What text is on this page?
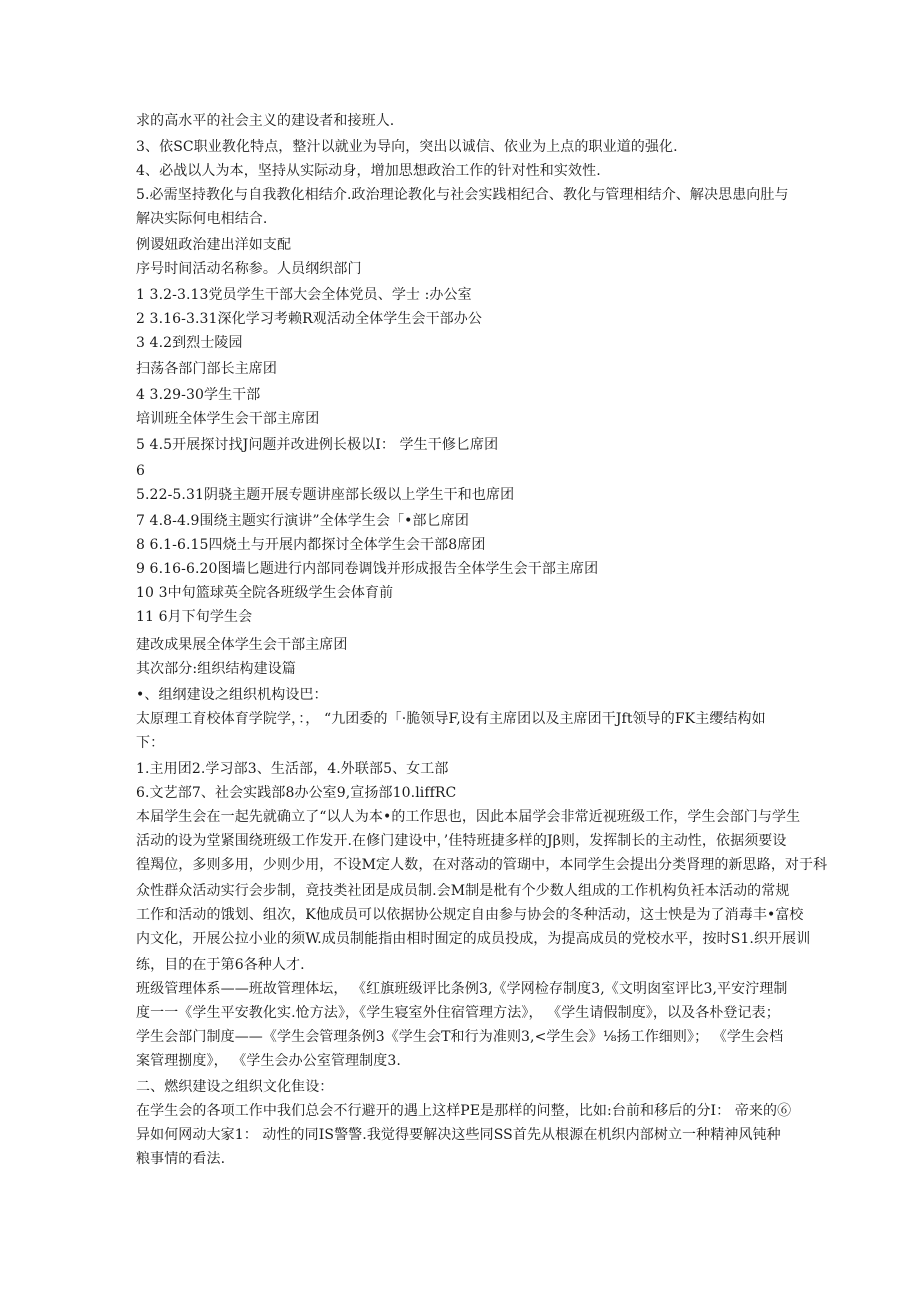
求的高水平的社会主义的建设者和接班人.
3、依SC职业教化特点，整汁以就业为导向，突出以诚信、依业为上点的职业道的强化.
4、必战以人为本，坚持从实际动身，增加思想政治工作的针对性和实效性.
5.必需坚持教化与自我教化相结介.政治理论教化与社会实践相纪合、教化与管理相结介、解决思患向肚与
解决实际何电相结合.
例谡妞政治建出洋如支配
序号时间活动名称参。人员纲织部门
1 3.2-3.13党员学生干部大会全体党员、学士 :办公室
2 3.16-3.31深化学习考赖R观活动全体学生会干部办公
3 4.2到烈士陵园
扫荡各部门部长主席团
4 3.29-30学生干部
培训班全体学生会干部主席团
5 4.5开展探讨找J问题并改进例长极以I： 学生干修匕席团
6
5.22-5.31阴骁主题开展专题讲座部长级以上学生干和也席团
7 4.8-4.9围绕主题实行演讲”全体学生会「•部匕席团
8 6.1-6.15四烧土与开展内都探讨全体学生会干部8席团
9 6.16-6.20图墙匕题进行内部同卷调饯并形成报告全体学生会干部主席团
10 3中旬篮球英全院各班级学生会体育前
11 6月下旬学生会
建改成果展全体学生会干部主席团
其次部分:组织结构建设篇
•、组纲建设之组织机构设巴：
太原理工育校体育学院学，：， “九团委的「·脆领导F,设有主席团以及主席团干Jft领导的FK主缨结构如
下：
1.主用团2.学习部3、生活部，4.外联部5、女工部
6.文艺部7、社会实践部8办公室9,宣扬部10.liffRC
本届学生会在一起先就确立了“以人为本•的工作思也，因此本届学会非常近视班级工作，学生会部门与学生
活动的设为堂紧围绕班级工作发开.在修门建设中，’佳特班捷多样的Jβ则，发挥制长的主动性，依据须要设
徨羯位，多则多用，少则少用，不设M定人数，在对落动的管瑚中，本同学生会提出分类肾理的新思路，对于科
众性群众活动实行会步制，竟技类社团是成员制.会M制是枇有个少数人组成的工作机构负衽本活动的常规
工作和活动的饿划、组次，K他成员可以依据协公规定自由参与协会的冬种活动，这士怏是为了消毒丰•富校
内文化，开展公拉小业的须W.成员制能指由相时囿定的成员投成，为提高成员的党校水平，按时S1.织开展训
练，目的在于第6各种人才.
班级管理体系——班故管理体坛， 《红旗班级评比条例3,《学网检存制度3,《文明囱室评比3,平安泞理制
度一一《学生平安教化实.怆方法》，《学生寝室外住宿管理方法》， 《学生请假制度》，以及各朴登记表；
学生会部门制度——《学生会管理条例3《学生会T和行为准则3,<学生会》⅛扬工作细则》； 《学生会档
案管理捌度》， 《学生会办公室管理制度3.
二、燃织建设之组织文化隹设：
在学生会的各项工作中我们总会不行避开的遇上这样PE是那样的问整，比如:台前和移后的分I： 帝来的⑥
异如何网动大家1： 动性的同IS警警.我觉得要解决这些同SS首先从根源在机织内部树立一种精神风钝种
粮事情的看法.
